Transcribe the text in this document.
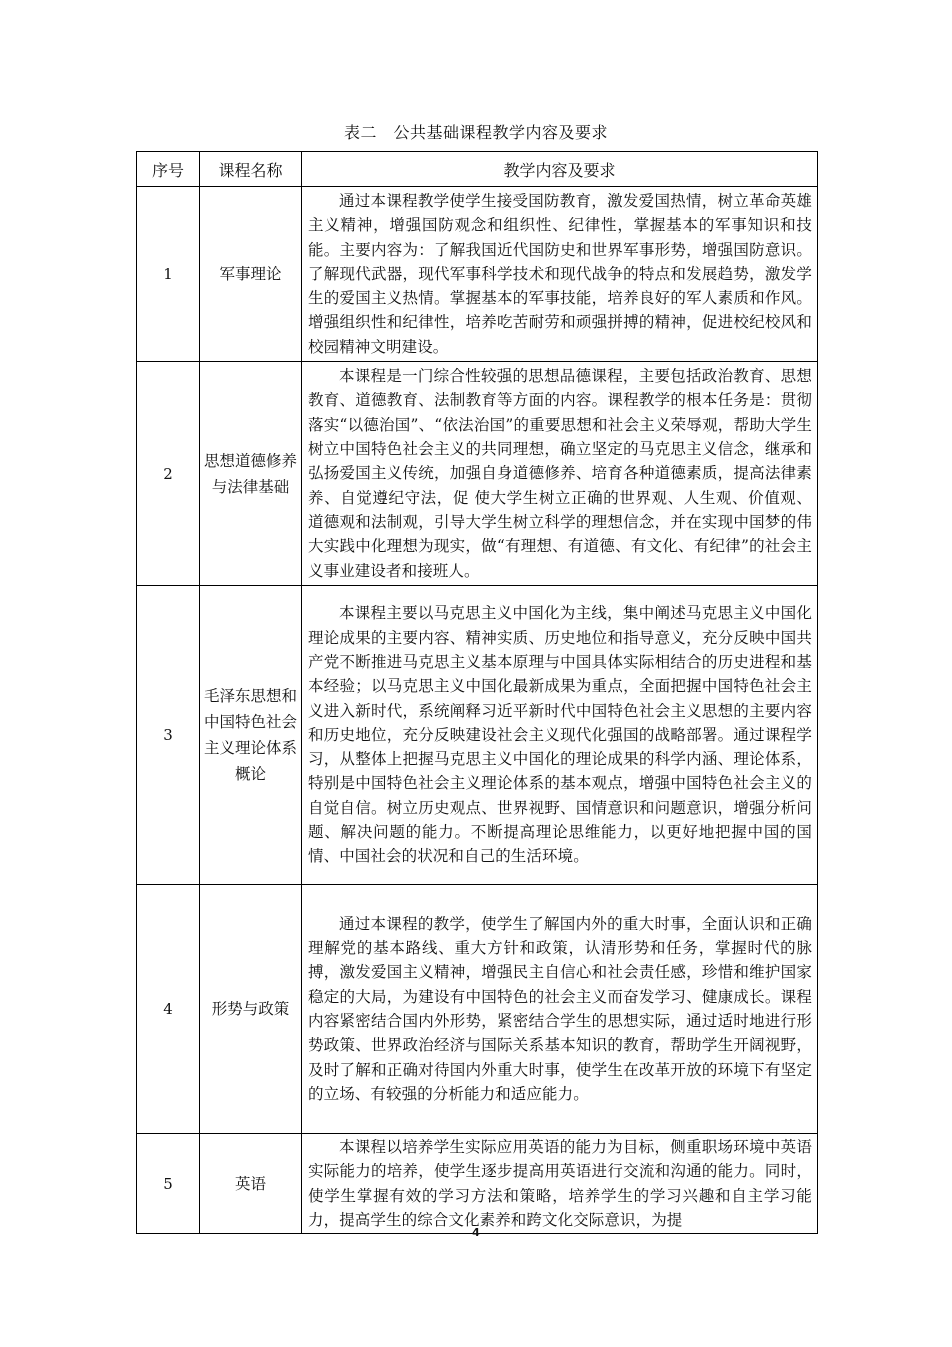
表二　公共基础课程教学内容及要求
序号	课程名称	教学内容及要求
1	军事理论	通过本课程教学使学生接受国防教育，激发爱国热情，树立革命英雄主义精神，增强国防观念和组织性、纪律性，掌握基本的军事知识和技能。主要内容为：了解我国近代国防史和世界军事形势，增强国防意识。了解现代武器，现代军事科学技术和现代战争的特点和发展趋势，激发学生的爱国主义热情。掌握基本的军事技能，培养良好的军人素质和作风。增强组织性和纪律性，培养吃苦耐劳和顽强拼搏的精神，促进校纪校风和校园精神文明建设。
2	思想道德修养与法律基础	本课程是一门综合性较强的思想品德课程，主要包括政治教育、思想教育、道德教育、法制教育等方面的内容。课程教学的根本任务是：贯彻落实“以德治国”、“依法治国”的重要思想和社会主义荣辱观，帮助大学生树立中国特色社会主义的共同理想，确立坚定的马克思主义信念，继承和弘扬爱国主义传统，加强自身道德修养、培育各种道德素质，提高法律素养、自觉遵纪守法，促 使大学生树立正确的世界观、人生观、价值观、道德观和法制观，引导大学生树立科学的理想信念，并在实现中国梦的伟大实践中化理想为现实，做“有理想、有道德、有文化、有纪律”的社会主义事业建设者和接班人。
3	毛泽东思想和中国特色社会主义理论体系概论	本课程主要以马克思主义中国化为主线，集中阐述马克思主义中国化理论成果的主要内容、精神实质、历史地位和指导意义，充分反映中国共产党不断推进马克思主义基本原理与中国具体实际相结合的历史进程和基本经验；以马克思主义中国化最新成果为重点，全面把握中国特色社会主义进入新时代，系统阐释习近平新时代中国特色社会主义思想的主要内容和历史地位，充分反映建设社会主义现代化强国的战略部署。通过课程学习，从整体上把握马克思主义中国化的理论成果的科学内涵、理论体系，特别是中国特色社会主义理论体系的基本观点，增强中国特色社会主义的自觉自信。树立历史观点、世界视野、国情意识和问题意识，增强分析问题、解决问题的能力。不断提高理论思维能力，以更好地把握中国的国情、中国社会的状况和自己的生活环境。
4	形势与政策	通过本课程的教学，使学生了解国内外的重大时事，全面认识和正确理解党的基本路线、重大方针和政策，认清形势和任务，掌握时代的脉搏，激发爱国主义精神，增强民主自信心和社会责任感，珍惜和维护国家稳定的大局，为建设有中国特色的社会主义而奋发学习、健康成长。课程内容紧密结合国内外形势，紧密结合学生的思想实际，通过适时地进行形势政策、世界政治经济与国际关系基本知识的教育，帮助学生开阔视野，及时了解和正确对待国内外重大时事，使学生在改革开放的环境下有坚定的立场、有较强的分析能力和适应能力。
5	英语	本课程以培养学生实际应用英语的能力为目标，侧重职场环境中英语实际能力的培养，使学生逐步提高用英语进行交流和沟通的能力。同时，使学生掌握有效的学习方法和策略，培养学生的学习兴趣和自主学习能力，提高学生的综合文化素养和跨文化交际意识，为提
4
